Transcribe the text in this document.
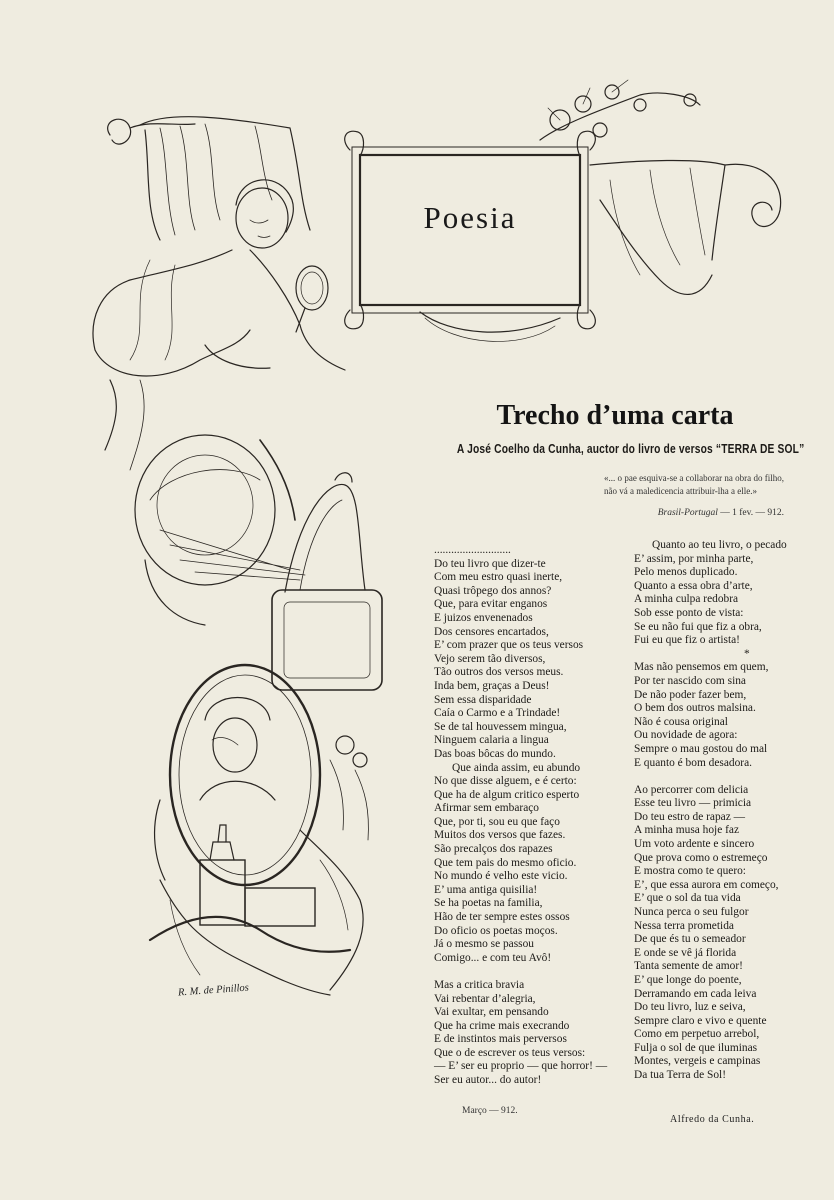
Poesia
Trecho d’uma carta
A José Coelho da Cunha, auctor do livro de versos “TERRA DE SOL”
«... o pae esquiva-se a collaborar na obra do filho, não vá a maledicencia attribuir-lha a elle.»
Brasil-Portugal — 1 fev. — 912.
...........................
Do teu livro que dizer-te
Com meu estro quasi inerte,
Quasi trôpego dos annos?
Que, para evitar enganos
E juizos envenenados
Dos censores encartados,
E’ com prazer que os teus versos
Vejo serem tão diversos,
Tão outros dos versos meus.
Inda bem, graças a Deus!
Sem essa disparidade
Caía o Carmo e a Trindade!
Se de tal houvessem mingua,
Ninguem calaria a lingua
Das boas bôcas do mundo.
Que ainda assim, eu abundo
No que disse alguem, e é certo:
Que ha de algum critico esperto
Afirmar sem embaraço
Que, por ti, sou eu que faço
Muitos dos versos que fazes.
São precalços dos rapazes
Que tem pais do mesmo oficio.
No mundo é velho este vicio.
E’ uma antiga quisilia!
Se ha poetas na familia,
Hão de ter sempre estes ossos
Do oficio os poetas moços.
Já o mesmo se passou
Comigo... e com teu Avô!
Mas a critica bravia
Vai rebentar d’alegria,
Vai exultar, em pensando
Que ha crime mais execrando
E de instintos mais perversos
Que o de escrever os teus versos:
— E’ ser eu proprio — que horror! —
Ser eu autor... do autor!
Quanto ao teu livro, o pecado
E’ assim, por minha parte,
Pelo menos duplicado.
Quanto a essa obra d’arte,
A minha culpa redobra
Sob esse ponto de vista:
Se eu não fui que fiz a obra,
Fui eu que fiz o artista!
*
Mas não pensemos em quem,
Por ter nascido com sina
De não poder fazer bem,
O bem dos outros malsina.
Não é cousa original
Ou novidade de agora:
Sempre o mau gostou do mal
E quanto é bom desadora.
Ao percorrer com delicia
Esse teu livro — primicia
Do teu estro de rapaz —
A minha musa hoje faz
Um voto ardente e sincero
Que prova como o estremeço
E mostra como te quero:
E’, que essa aurora em começo,
E’ que o sol da tua vida
Nunca perca o seu fulgor
Nessa terra prometida
De que és tu o semeador
E onde se vê já florida
Tanta semente de amor!
E’ que longe do poente,
Derramando em cada leiva
Do teu livro, luz e seiva,
Sempre claro e vivo e quente
Como em perpetuo arrebol,
Fulja o sol de que iluminas
Montes, vergeis e campinas
Da tua Terra de Sol!
Março — 912.
Alfredo da Cunha.
R. M. de Pinillos
